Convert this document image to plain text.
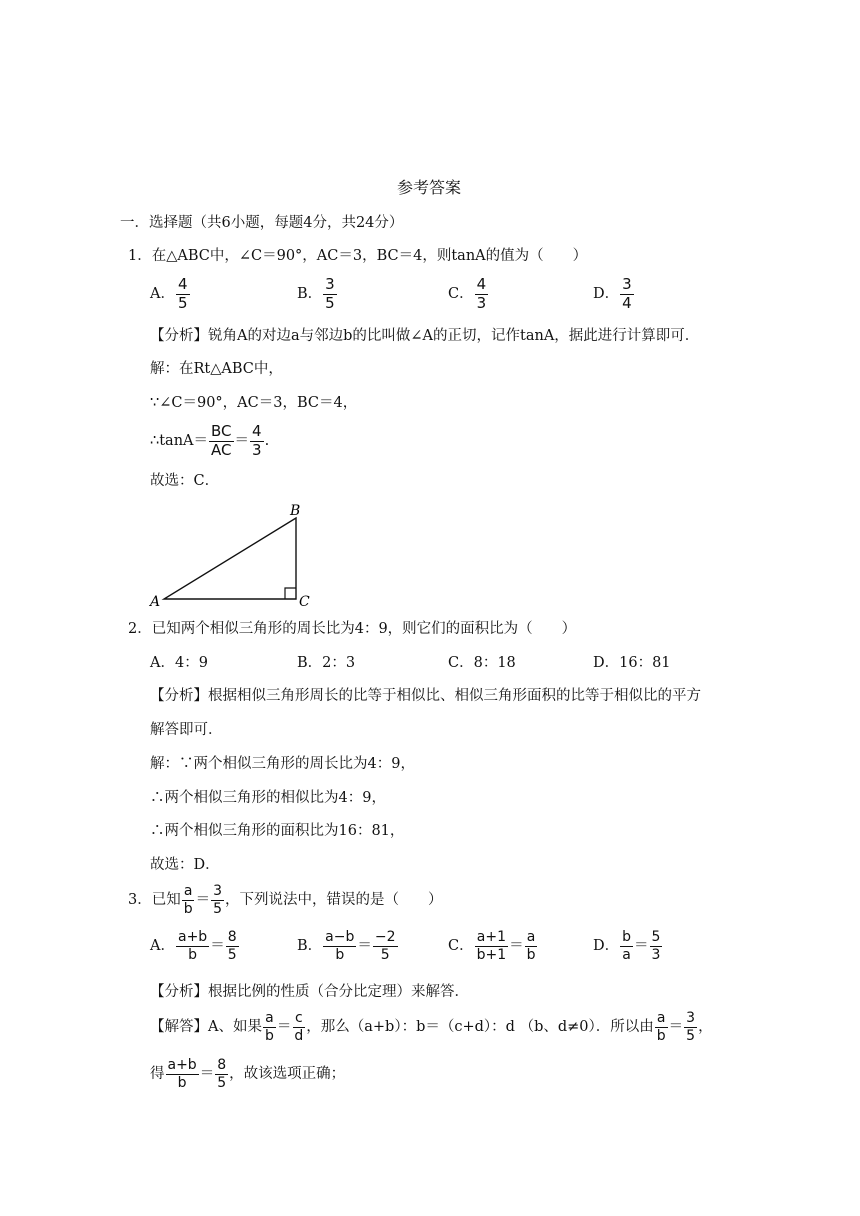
参考答案
一．选择题（共6小题，每题4分，共24分）
1．在△ABC中，∠C＝90°，AC＝3，BC＝4，则tanA的值为（　　）
A． $\frac{4}{5}$	B． $\frac{3}{5}$	C． $\frac{4}{3}$	D． $\frac{3}{4}$
【分析】锐角A的对边a与邻边b的比叫做∠A的正切，记作tanA，据此进行计算即可．
解：在Rt△ABC中，
∵∠C＝90°，AC＝3，BC＝4，
∴tanA＝ $\frac{BC}{AC} = \frac{4}{3}$ .
故选：C．
A
B
C
2．已知两个相似三角形的周长比为4：9，则它们的面积比为（　　）
A．4：9	B．2：3	C．8：18	D．16：81
【分析】根据相似三角形周长的比等于相似比、相似三角形面积的比等于相似比的平方
解答即可．
解：∵两个相似三角形的周长比为4：9，
∴两个相似三角形的相似比为4：9，
∴两个相似三角形的面积比为16：81，
故选：D．
3．已知 $\frac{a}{b} = \frac{3}{5}$ ，下列说法中，错误的是（　　）
A． $\frac{a+b}{b} = \frac{8}{5}$	B． $\frac{a-b}{b} = \frac{-2}{5}$	C． $\frac{a+1}{b+1} = \frac{a}{b}$	D． $\frac{b}{a} = \frac{5}{3}$
【分析】根据比例的性质（合分比定理）来解答．
【解答】A、如果 $\frac{a}{b} = \frac{c}{d}$ ，那么（a+b）：b＝（c+d）：d （b、d≠0）．所以由 $\frac{a}{b} = \frac{3}{5}$ ，
得 $\frac{a+b}{b} = \frac{8}{5}$ ，故该选项正确；
